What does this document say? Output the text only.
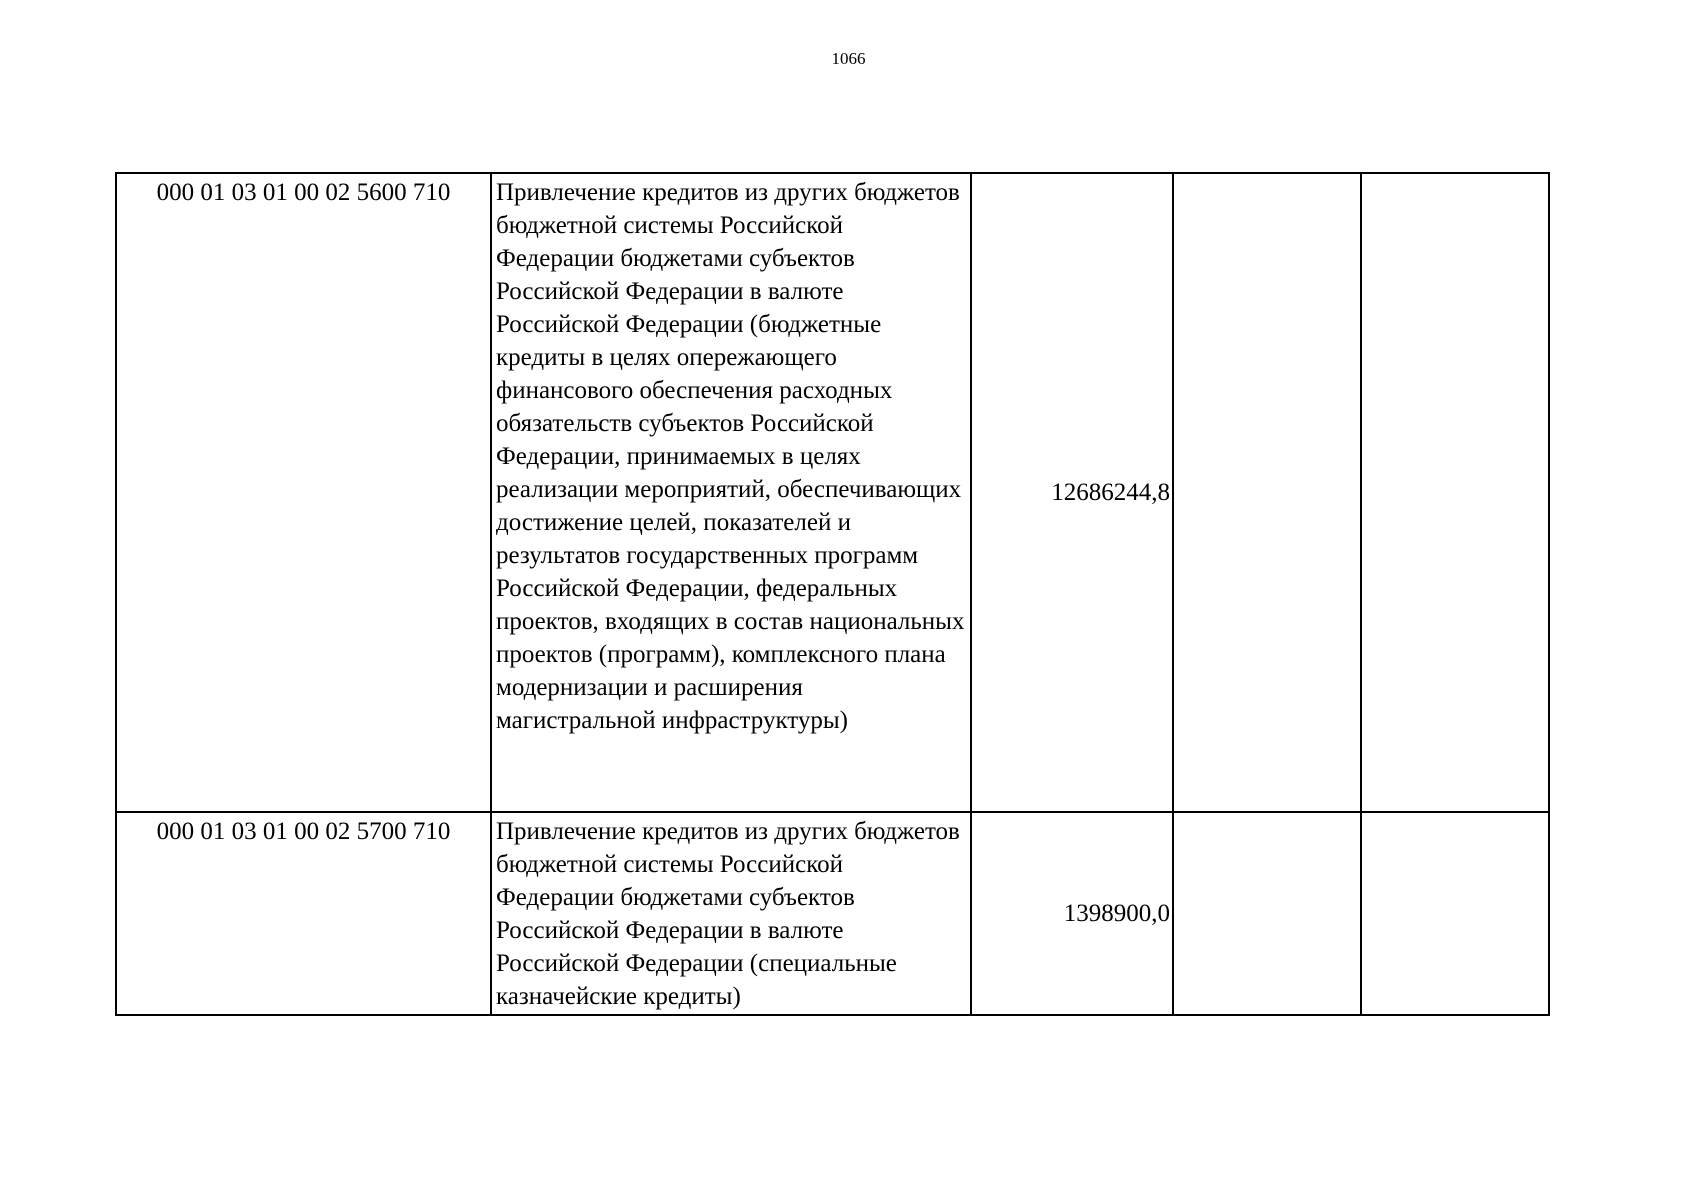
1066
000 01 03 01 00 02 5600 710	Привлечение кредитов из других бюджетов бюджетной системы Российской Федерации бюджетами субъектов Российской Федерации в валюте Российской Федерации (бюджетные кредиты в целях опережающего финансового обеспечения расходных обязательств субъектов Российской Федерации, принимаемых в целях реализации мероприятий, обеспечивающих достижение целей, показателей и результатов государственных программ Российской Федерации, федеральных проектов, входящих в состав национальных проектов (программ), комплексного плана модернизации и расширения магистральной инфраструктуры)	12686244,8		
000 01 03 01 00 02 5700 710	Привлечение кредитов из других бюджетов бюджетной системы Российской Федерации бюджетами субъектов Российской Федерации в валюте Российской Федерации (специальные казначейские кредиты)	1398900,0		
